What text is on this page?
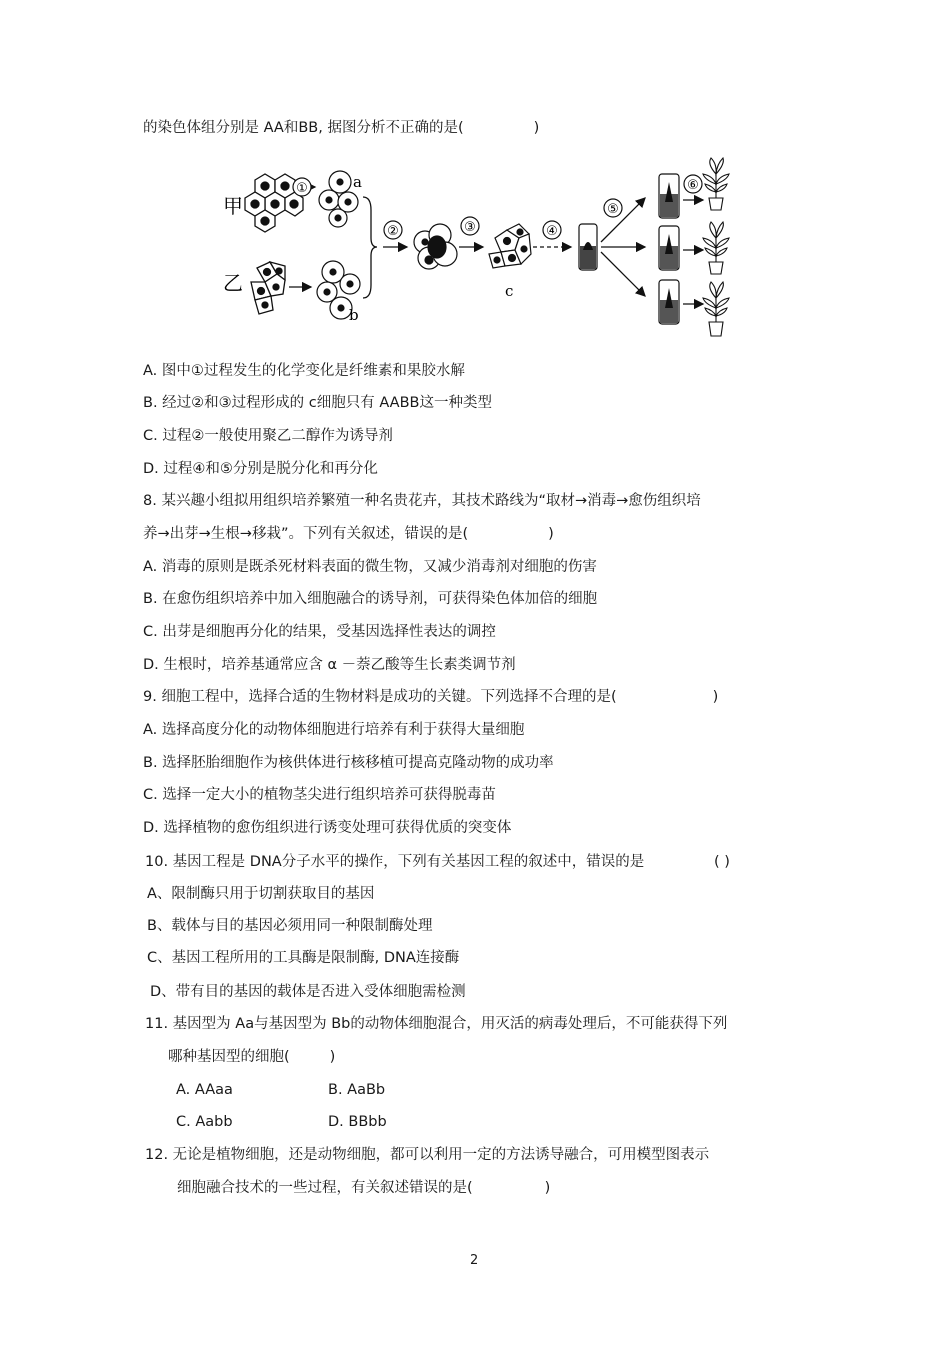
的染色体组分别是 AA和BB, 据图分析不正确的是(	)
甲
乙
①	a
b
②	③
c
④
⑤
⑥
A. 图中①过程发生的化学变化是纤维素和果胶水解
B. 经过②和③过程形成的 c细胞只有 AABB这一种类型
C. 过程②一般使用聚乙二醇作为诱导剂
D. 过程④和⑤分别是脱分化和再分化
8. 某兴趣小组拟用组织培养繁殖一种名贵花卉，其技术路线为“取材→消毒→愈伤组织培
养→出芽→生根→移栽”。下列有关叙述，错误的是(	)
A. 消毒的原则是既杀死材料表面的微生物，又减少消毒剂对细胞的伤害
B. 在愈伤组织培养中加入细胞融合的诱导剂，可获得染色体加倍的细胞
C. 出芽是细胞再分化的结果，受基因选择性表达的调控
D. 生根时，培养基通常应含 α －萘乙酸等生长素类调节剂
9. 细胞工程中，选择合适的生物材料是成功的关键。下列选择不合理的是(	)
A. 选择高度分化的动物体细胞进行培养有利于获得大量细胞
B. 选择胚胎细胞作为核供体进行核移植可提高克隆动物的成功率
C. 选择一定大小的植物茎尖进行组织培养可获得脱毒苗
D. 选择植物的愈伤组织进行诱变处理可获得优质的突变体
10. 基因工程是 DNA分子水平的操作，下列有关基因工程的叙述中，错误的是	( )
A、限制酶只用于切割获取目的基因
B、载体与目的基因必须用同一种限制酶处理
C、基因工程所用的工具酶是限制酶, DNA连接酶
D、带有目的基因的载体是否进入受体细胞需检测
11. 基因型为 Aa与基因型为 Bb的动物体细胞混合，用灭活的病毒处理后，不可能获得下列
哪种基因型的细胞(	)
A. AAaa	B. AaBb
C. Aabb	D. BBbb
12. 无论是植物细胞，还是动物细胞，都可以利用一定的方法诱导融合，可用模型图表示
细胞融合技术的一些过程，有关叙述错误的是(	)
2
